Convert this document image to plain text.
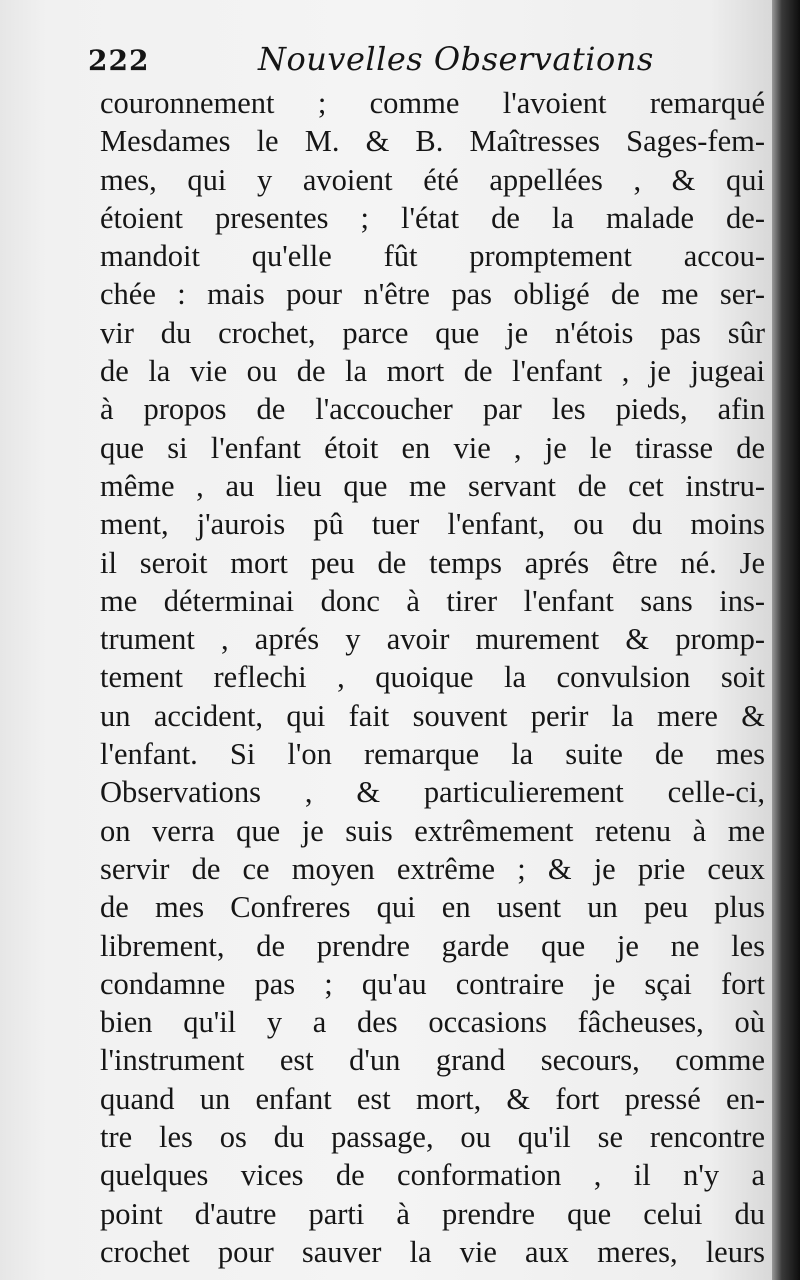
222	Nouvelles Observations
couronnement ; comme l'avoient remarqué
Mesdames le M. & B. Maîtresses Sages-fem-
mes, qui y avoient été appellées , & qui
étoient presentes ; l'état de la malade de-
mandoit qu'elle fût promptement accou-
chée : mais pour n'être pas obligé de me ser-
vir du crochet, parce que je n'étois pas sûr
de la vie ou de la mort de l'enfant , je jugeai
à propos de l'accoucher par les pieds, afin
que si l'enfant étoit en vie , je le tirasse de
même , au lieu que me servant de cet instru-
ment, j'aurois pû tuer l'enfant, ou du moins
il seroit mort peu de temps aprés être né. Je
me déterminai donc à tirer l'enfant sans ins-
trument , aprés y avoir murement & promp-
tement reflechi , quoique la convulsion soit
un accident, qui fait souvent perir la mere &
l'enfant. Si l'on remarque la suite de mes
Observations , & particulierement celle-ci,
on verra que je suis extrêmement retenu à me
servir de ce moyen extrême ; & je prie ceux
de mes Confreres qui en usent un peu plus
librement, de prendre garde que je ne les
condamne pas ; qu'au contraire je sçai fort
bien qu'il y a des occasions fâcheuses, où
l'instrument est d'un grand secours, comme
quand un enfant est mort, & fort pressé en-
tre les os du passage, ou qu'il se rencontre
quelques vices de conformation , il n'y a
point d'autre parti à prendre que celui du
crochet pour sauver la vie aux meres, leurs
